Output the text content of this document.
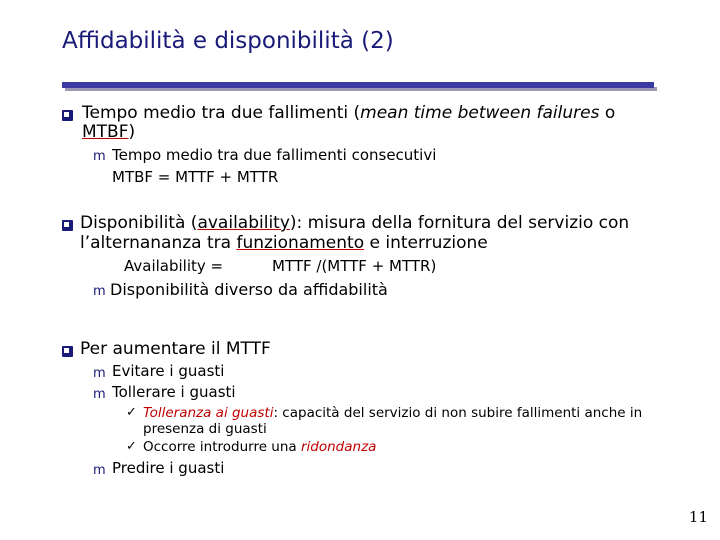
Affidabilità e disponibilità (2)
Tempo medio tra due fallimenti (mean time between failures o
MTBF)
m Tempo medio tra due fallimenti consecutivi
MTBF = MTTF + MTTR
Disponibilità (availability): misura della fornitura del servizio con
l’alternananza tra funzionamento e interruzione
Availability =	MTTF /(MTTF + MTTR)
m Disponibilità diverso da affidabilità
Per aumentare il MTTF
m Evitare i guasti
m Tollerare i guasti
✓ Tolleranza ai guasti: capacità del servizio di non subire fallimenti anche in
presenza di guasti
✓ Occorre introdurre una ridondanza
m Predire i guasti
11
